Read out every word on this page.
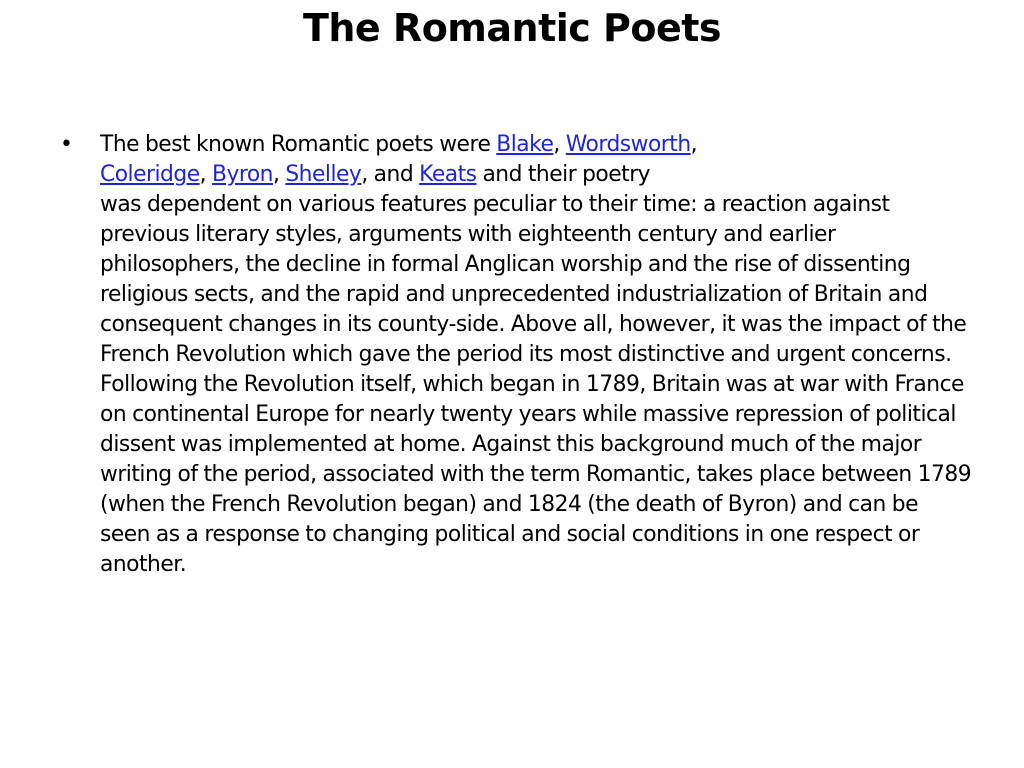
The Romantic Poets
• The best known Romantic poets were Blake, Wordsworth,
Coleridge, Byron, Shelley, and Keats and their poetry
was dependent on various features peculiar to their time: a reaction against previous literary styles, arguments with eighteenth century and earlier philosophers, the decline in formal Anglican worship and the rise of dissenting religious sects, and the rapid and unprecedented industrialization of Britain and consequent changes in its county-side. Above all, however, it was the impact of the French Revolution which gave the period its most distinctive and urgent concerns. Following the Revolution itself, which began in 1789, Britain was at war with France on continental Europe for nearly twenty years while massive repression of political dissent was implemented at home. Against this background much of the major writing of the period, associated with the term Romantic, takes place between 1789 (when the French Revolution began) and 1824 (the death of Byron) and can be seen as a response to changing political and social conditions in one respect or another.
